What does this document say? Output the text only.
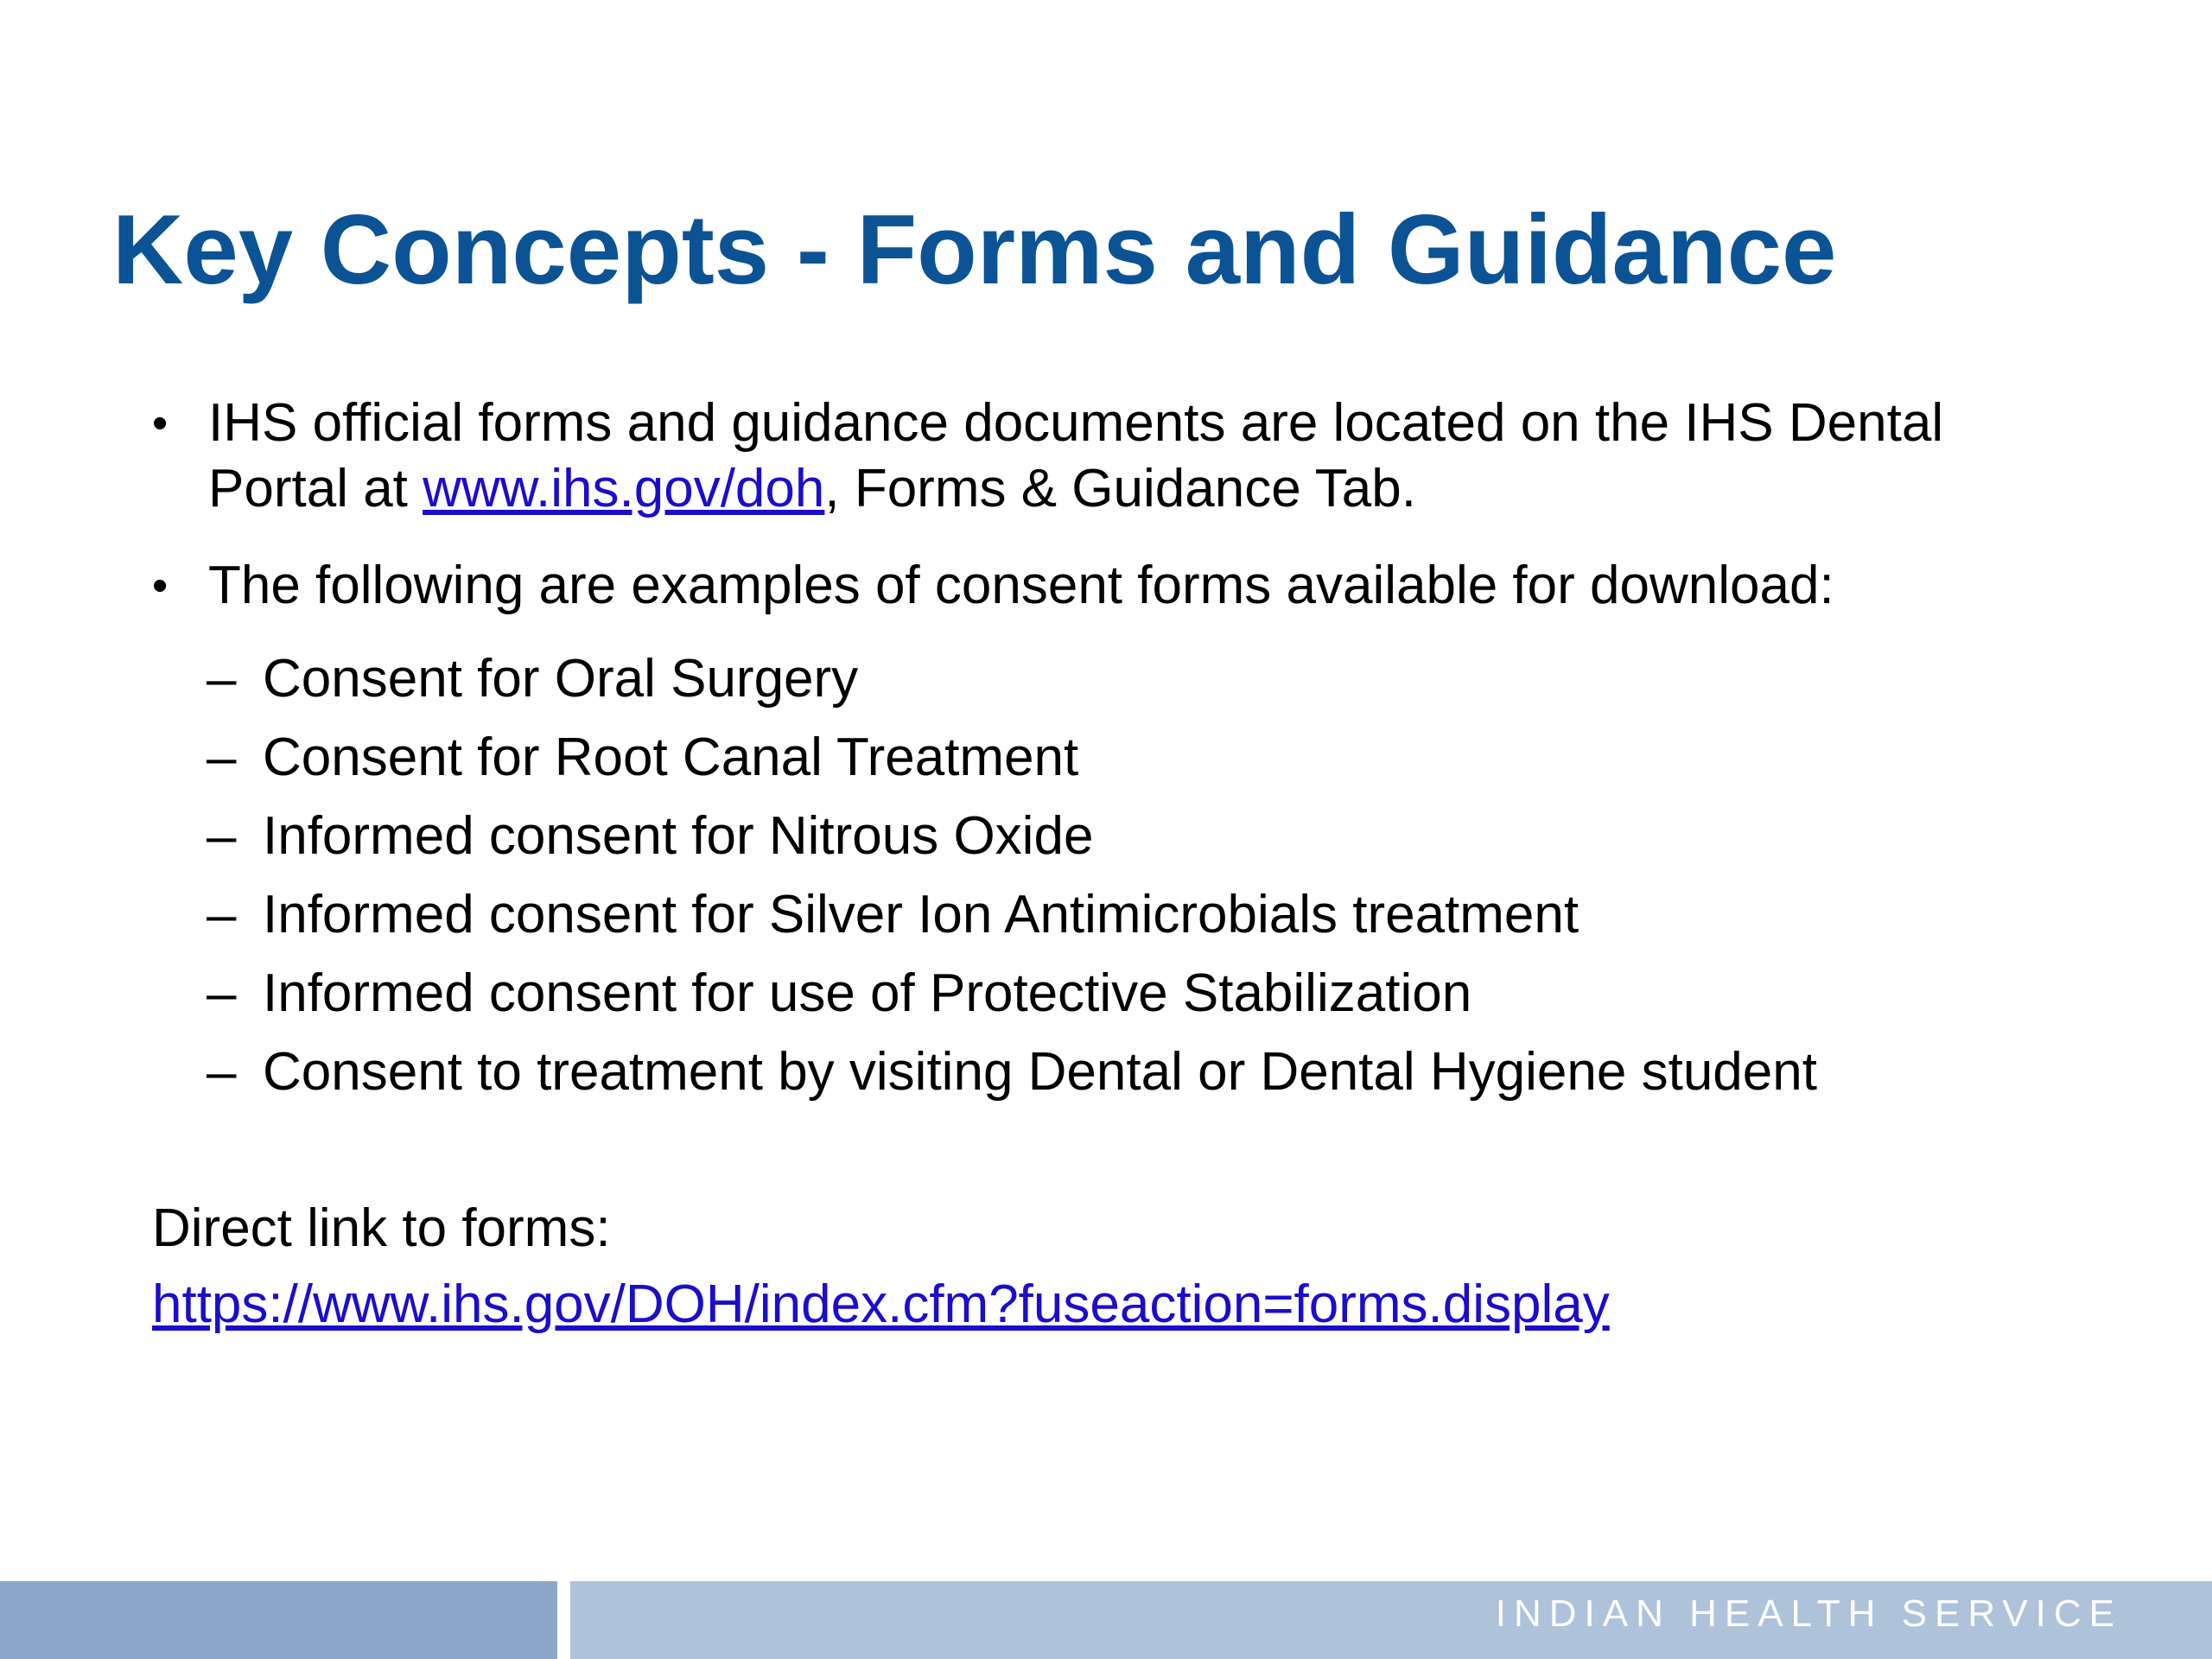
Key Concepts - Forms and Guidance
• IHS official forms and guidance documents are located on the IHS Dental Portal at www.ihs.gov/doh, Forms & Guidance Tab.
• The following are examples of consent forms available for download:
– Consent for Oral Surgery
– Consent for Root Canal Treatment
– Informed consent for Nitrous Oxide
– Informed consent for Silver Ion Antimicrobials treatment
– Informed consent for use of Protective Stabilization
– Consent to treatment by visiting Dental or Dental Hygiene student
Direct link to forms:
https://www.ihs.gov/DOH/index.cfm?fuseaction=forms.display
INDIAN HEALTH SERVICE
